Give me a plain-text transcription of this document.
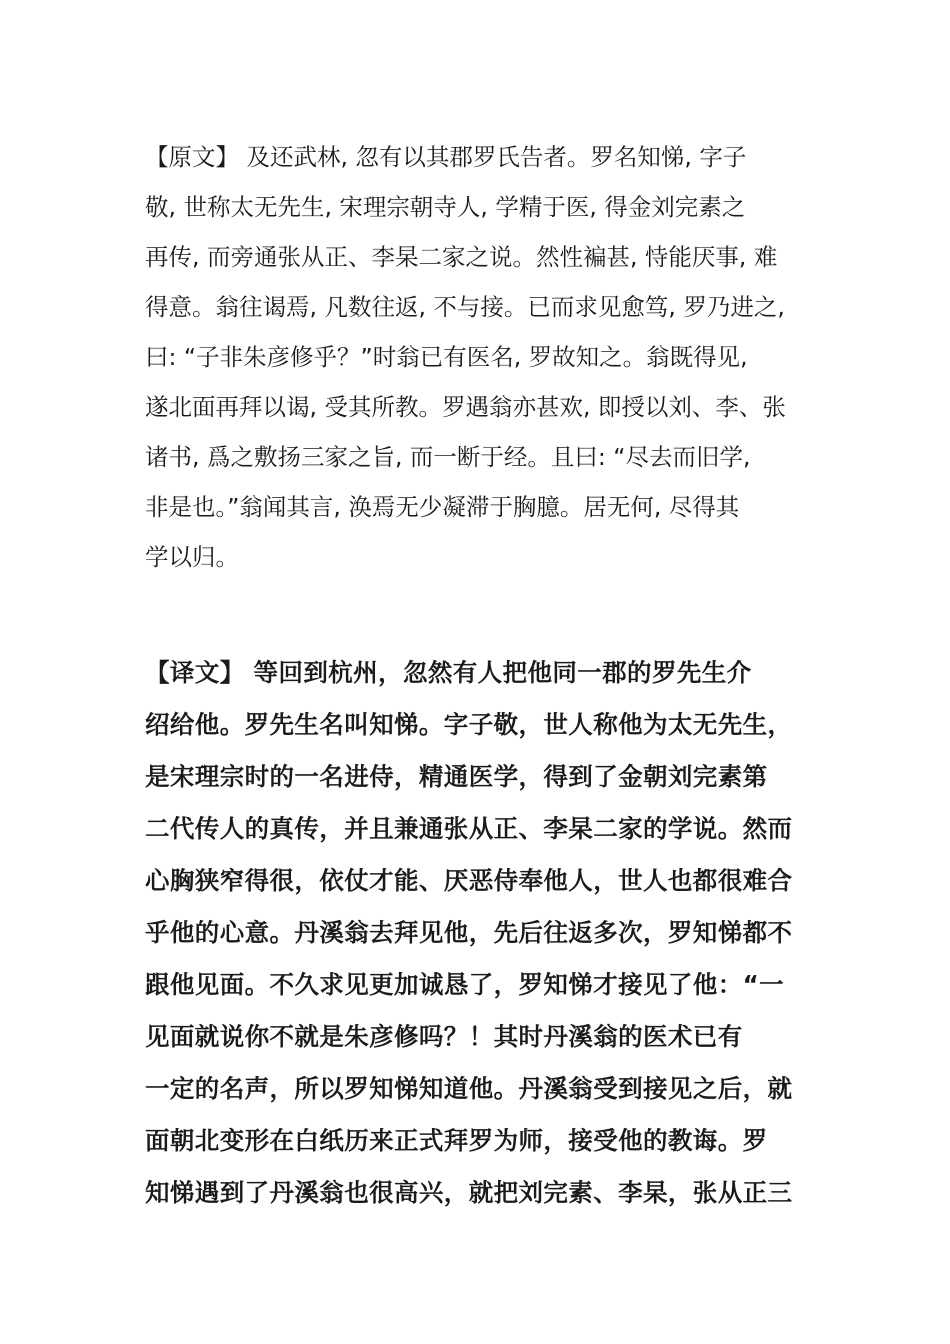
【原文】 及还武林, 忽有以其郡罗氏告者。罗名知悌, 字子
敬, 世称太无先生, 宋理宗朝寺人, 学精于医, 得金刘完素之
再传, 而旁通张从正、李杲二家之说。然性褊甚, 恃能厌事, 难
得意。翁往谒焉, 凡数往返, 不与接。已而求见愈笃, 罗乃进之,
曰: “子非朱彦修乎？”时翁已有医名, 罗故知之。翁既得见,
遂北面再拜以谒, 受其所教。罗遇翁亦甚欢, 即授以刘、李、张
诸书, 爲之敷扬三家之旨, 而一断于经。且曰: “尽去而旧学,
非是也。”翁闻其言, 涣焉无少凝滞于胸臆。居无何, 尽得其
学以归。
【译文】 等回到杭州，忽然有人把他同一郡的罗先生介
绍给他。罗先生名叫知悌。字子敬，世人称他为太无先生，
是宋理宗时的一名进侍，精通医学，得到了金朝刘完素第
二代传人的真传，并且兼通张从正、李杲二家的学说。然而
心胸狭窄得很，依仗才能、厌恶侍奉他人，世人也都很难合
乎他的心意。丹溪翁去拜见他，先后往返多次，罗知悌都不
跟他见面。不久求见更加诚恳了，罗知悌才接见了他：“一
见面就说你不就是朱彦修吗？！其时丹溪翁的医术已有
一定的名声，所以罗知悌知道他。丹溪翁受到接见之后，就
面朝北变形在白纸历来正式拜罗为师，接受他的教诲。罗
知悌遇到了丹溪翁也很高兴，就把刘完素、李杲，张从正三
